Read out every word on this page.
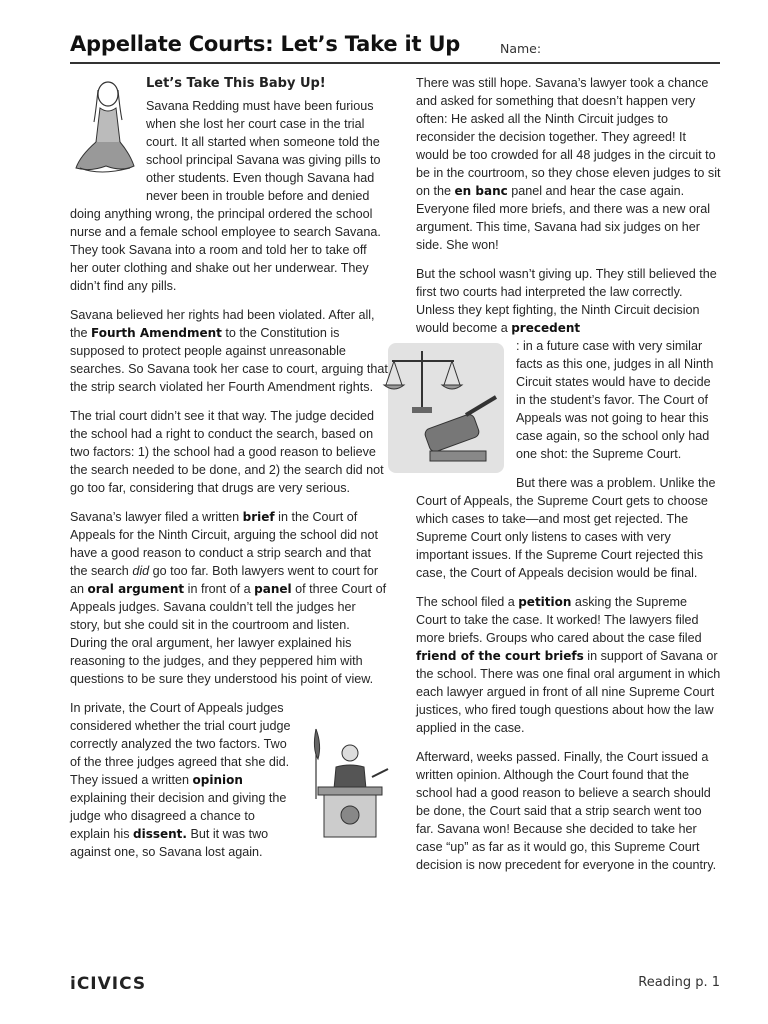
Appellate Courts: Let’s Take it Up	Name:
Let’s Take This Baby Up!

Savana Redding must have been furious when she lost her court case in the trial court. It all started when someone told the school principal Savana was giving pills to other students. Even though Savana had never been in trouble before and denied doing anything wrong, the principal ordered the school nurse and a female school employee to search Savana. They took Savana into a room and told her to take off her outer clothing and shake out her underwear. They didn’t find any pills.

Savana believed her rights had been violated. After all, the Fourth Amendment to the Constitution is supposed to protect people against unreasonable searches. So Savana took her case to court, arguing that the strip search violated her Fourth Amendment rights.

The trial court didn’t see it that way. The judge decided the school had a right to conduct the search, based on two factors: 1) the school had a good reason to believe the search needed to be done, and 2) the search did not go too far, considering that drugs are very serious.

Savana’s lawyer filed a written brief in the Court of Appeals for the Ninth Circuit, arguing the school did not have a good reason to conduct a strip search and that the search did go too far. Both lawyers went to court for an oral argument in front of a panel of three Court of Appeals judges. Savana couldn’t tell the judges her story, but she could sit in the courtroom and listen. During the oral argument, her lawyer explained his reasoning to the judges, and they peppered him with questions to be sure they understood his point of view.

In private, the Court of Appeals judges considered whether the trial court judge correctly analyzed the two factors. Two of the three judges agreed that she did. They issued a written opinion explaining their decision and giving the judge who disagreed a chance to explain his dissent. But it was two against one, so Savana lost again.

There was still hope. Savana’s lawyer took a chance and asked for something that doesn’t happen very often: He asked all the Ninth Circuit judges to reconsider the decision together. They agreed! It would be too crowded for all 48 judges in the circuit to be in the courtroom, so they chose eleven judges to sit on the en banc panel and hear the case again. Everyone filed more briefs, and there was a new oral argument. This time, Savana had six judges on her side. She won!

But the school wasn’t giving up. They still believed the first two courts had interpreted the law correctly. Unless they kept fighting, the Ninth Circuit decision would become a precedent

: in a future case with very similar facts as this one, judges in all Ninth Circuit states would have to decide in the student’s favor. The Court of Appeals was not going to hear this case again, so the school only had one shot: the Supreme Court.

But there was a problem. Unlike the Court of Appeals, the Supreme Court gets to choose which cases to take—and most get rejected. The Supreme Court only listens to cases with very important issues. If the Supreme Court rejected this case, the Court of Appeals decision would be final.

The school filed a petition asking the Supreme Court to take the case. It worked! The lawyers filed more briefs. Groups who cared about the case filed friend of the court briefs in support of Savana or the school. There was one final oral argument in which each lawyer argued in front of all nine Supreme Court justices, who fired tough questions about how the law applied in the case.

Afterward, weeks passed. Finally, the Court issued a written opinion. Although the Court found that the school had a good reason to believe a search should be done, the Court said that a strip search went too far. Savana won! Because she decided to take her case “up” as far as it would go, this Supreme Court decision is now precedent for everyone in the country.

iCIVICS	Reading p. 1
